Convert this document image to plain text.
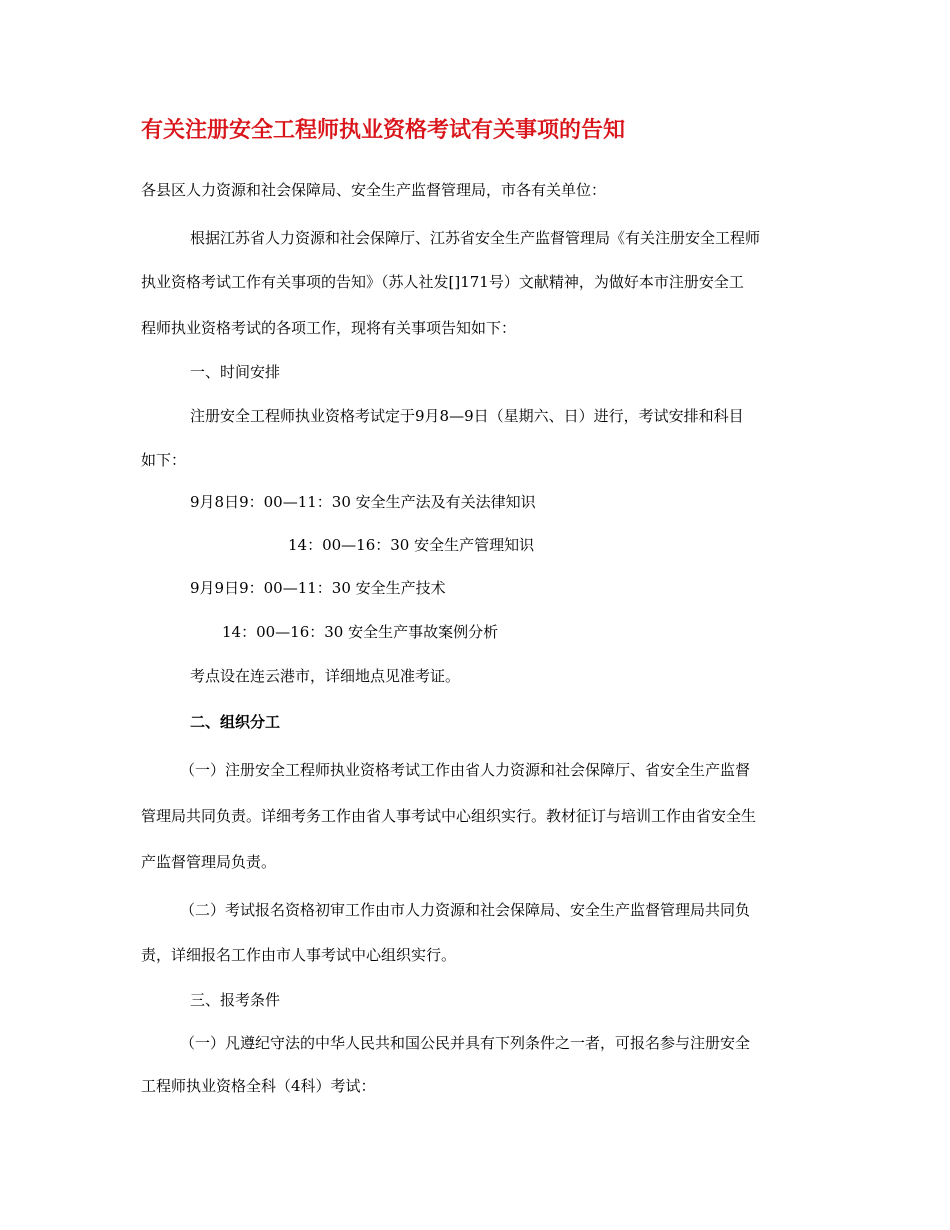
有关注册安全工程师执业资格考试有关事项的告知

各县区人力资源和社会保障局、安全生产监督管理局，市各有关单位：

根据江苏省人力资源和社会保障厅、江苏省安全生产监督管理局《有关注册安全工程师

执业资格考试工作有关事项的告知》（苏人社发[]171号）文献精神，为做好本市注册安全工

程师执业资格考试的各项工作，现将有关事项告知如下：

一、时间安排

注册安全工程师执业资格考试定于9月8—9日（星期六、日）进行，考试安排和科目

如下：

9月8日9：00—11：30 安全生产法及有关法律知识

14：00—16：30 安全生产管理知识

9月9日9：00—11：30 安全生产技术

14：00—16：30 安全生产事故案例分析

考点设在连云港市，详细地点见准考证。

二、组织分工

（一）注册安全工程师执业资格考试工作由省人力资源和社会保障厅、省安全生产监督

管理局共同负责。详细考务工作由省人事考试中心组织实行。教材征订与培训工作由省安全生

产监督管理局负责。

（二）考试报名资格初审工作由市人力资源和社会保障局、安全生产监督管理局共同负

责，详细报名工作由市人事考试中心组织实行。

三、报考条件

（一）凡遵纪守法的中华人民共和国公民并具有下列条件之一者，可报名参与注册安全

工程师执业资格全科（4科）考试：
